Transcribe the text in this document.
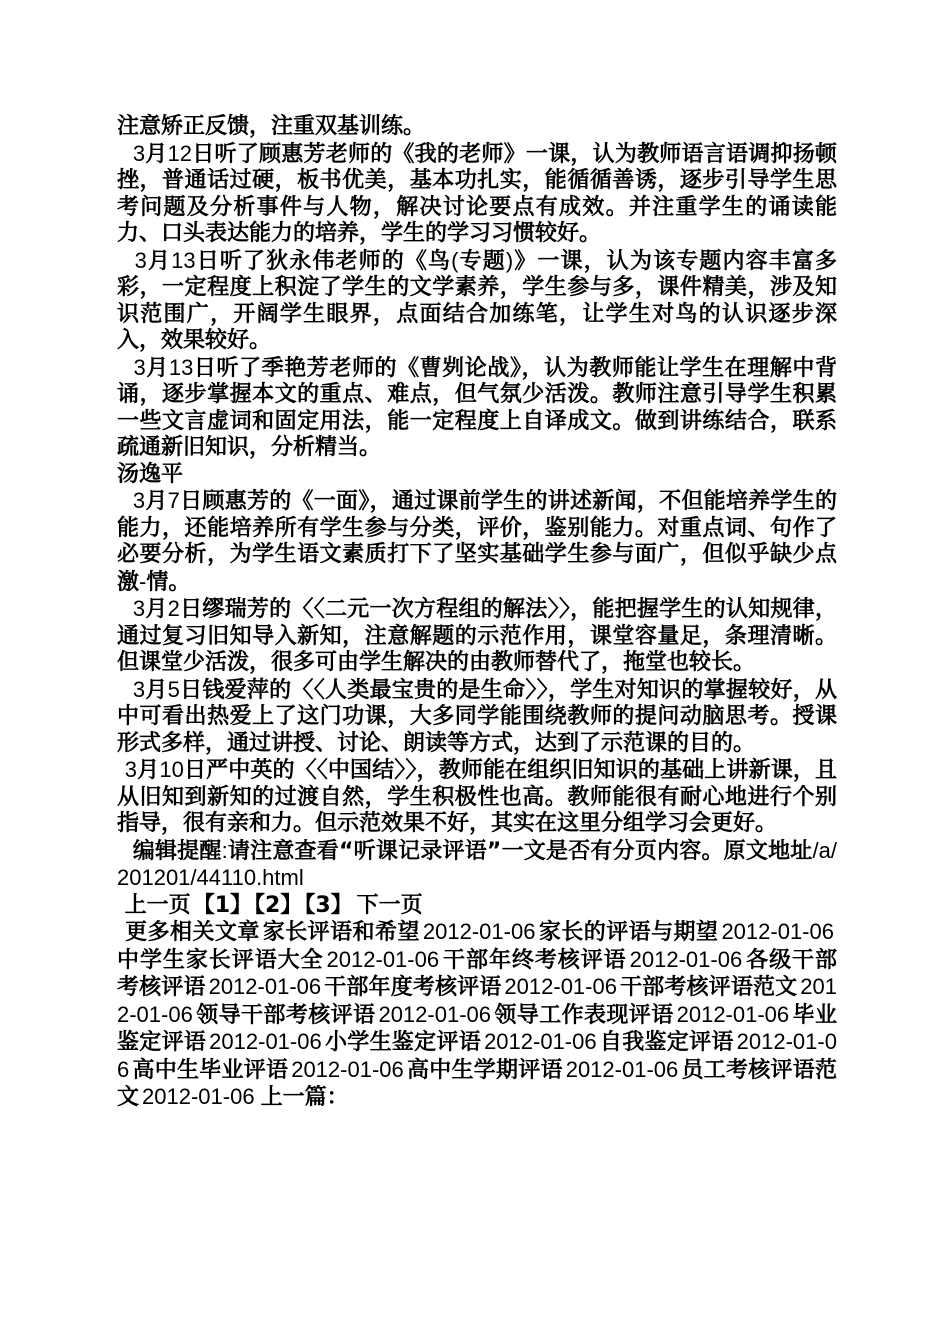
注意矫正反馈，注重双基训练。

3月12日听了顾惠芳老师的《我的老师》一课，认为教师语言语调抑扬顿挫，普通话过硬，板书优美，基本功扎实，能循循善诱，逐步引导学生思考问题及分析事件与人物，解决讨论要点有成效。并注重学生的诵读能力、口头表达能力的培养，学生的学习习惯较好。

3月13日听了狄永伟老师的《鸟(专题)》一课，认为该专题内容丰富多彩，一定程度上积淀了学生的文学素养，学生参与多，课件精美，涉及知识范围广，开阔学生眼界，点面结合加练笔，让学生对鸟的认识逐步深入，效果较好。

3月13日听了季艳芳老师的《曹刿论战》，认为教师能让学生在理解中背诵，逐步掌握本文的重点、难点，但气氛少活泼。教师注意引导学生积累一些文言虚词和固定用法，能一定程度上自译成文。做到讲练结合，联系疏通新旧知识，分析精当。

汤逸平

3月7日顾惠芳的《一面》，通过课前学生的讲述新闻，不但能培养学生的能力，还能培养所有学生参与分类，评价，鉴别能力。对重点词、句作了必要分析，为学生语文素质打下了坚实基础学生参与面广，但似乎缺少点激-情。

3月2日缪瑞芳的〈〈二元一次方程组的解法〉〉，能把握学生的认知规律，通过复习旧知导入新知，注意解题的示范作用，课堂容量足，条理清晰。但课堂少活泼，很多可由学生解决的由教师替代了，拖堂也较长。

3月5日钱爱萍的〈〈人类最宝贵的是生命〉〉，学生对知识的掌握较好，从中可看出热爱上了这门功课，大多同学能围绕教师的提问动脑思考。授课形式多样，通过讲授、讨论、朗读等方式，达到了示范课的目的。

3月10日严中英的〈〈中国结〉〉，教师能在组织旧知识的基础上讲新课，且从旧知到新知的过渡自然，学生积极性也高。教师能很有耐心地进行个别指导，很有亲和力。但示范效果不好，其实在这里分组学习会更好。

编辑提醒:请注意查看“听课记录评语”一文是否有分页内容。原文地址/a/201201/44110.html

上一页【1】【2】【3】 下一页

更多相关文章 家长评语和希望 2012-01-06 家长的评语与期望 2012-01-06中学生家长评语大全 2012-01-06 干部年终考核评语 2012-01-06 各级干部考核评语 2012-01-06 干部年度考核评语 2012-01-06 干部考核评语范文 2012-01-06 领导干部考核评语 2012-01-06 领导工作表现评语 2012-01-06 毕业鉴定评语 2012-01-06 小学生鉴定评语 2012-01-06 自我鉴定评语 2012-01-06 高中生毕业评语 2012-01-06 高中生学期评语 2012-01-06 员工考核评语范文 2012-01-06 上一篇：
